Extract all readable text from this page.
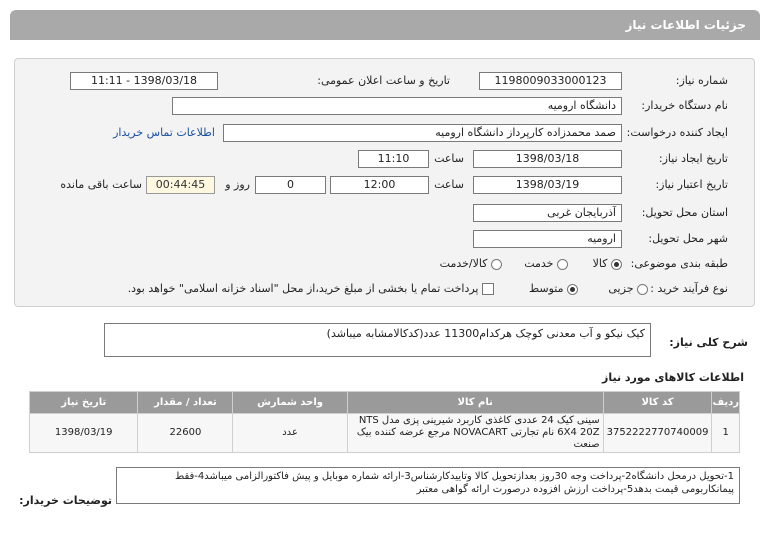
جزئیات اطلاعات نیاز
شماره نیاز:
1198009033000123
تاریخ و ساعت اعلان عمومی:
1398/03/18 - 11:11
نام دستگاه خریدار:
دانشگاه ارومیه
ایجاد کننده درخواست:
صمد محمدزاده کارپرداز دانشگاه ارومیه
اطلاعات تماس خریدار
تاریخ ایجاد نیاز:
1398/03/18
ساعت
11:10
تاریخ اعتبار نیاز:
1398/03/19
ساعت
12:00
0
روز و
00:44:45
ساعت باقی مانده
استان محل تحویل:
آذربایجان غربی
شهر محل تحویل:
ارومیه
طبقه بندی موضوعی:
کالا
خدمت
کالا/خدمت
نوع فرآیند خرید :
جزیی
متوسط
پرداخت تمام یا بخشی از مبلغ خرید،از محل "اسناد خزانه اسلامی" خواهد بود.
شرح کلی نیاز:
کیک نیکو و آب معدنی کوچک هرکدام11300 عدد(کدکالامشابه میباشد)
اطلاعات کالاهای مورد نیاز
ردیف	کد کالا	نام کالا	واحد شمارش	تعداد / مقدار	تاریخ نیاز
1	3752222770740009	سینی کیک 24 عددی کاغذی کاربرد شیرینی پزی مدل NTS 6X4 20Z نام تجارتی NOVACART مرجع عرضه کننده بیک صنعت	عدد	22600	1398/03/19
توضیحات خریدار:
1-تحویل درمحل دانشگاه2-پرداخت وجه 30روز بعدازتحویل کالا وتاییدکارشناس3-ارائه شماره موبایل و پیش فاکتورالزامی میباشد4-فقط پیمانکاربومی قیمت بدهد5-پرداخت ارزش افزوده درصورت ارائه گواهی معتبر
